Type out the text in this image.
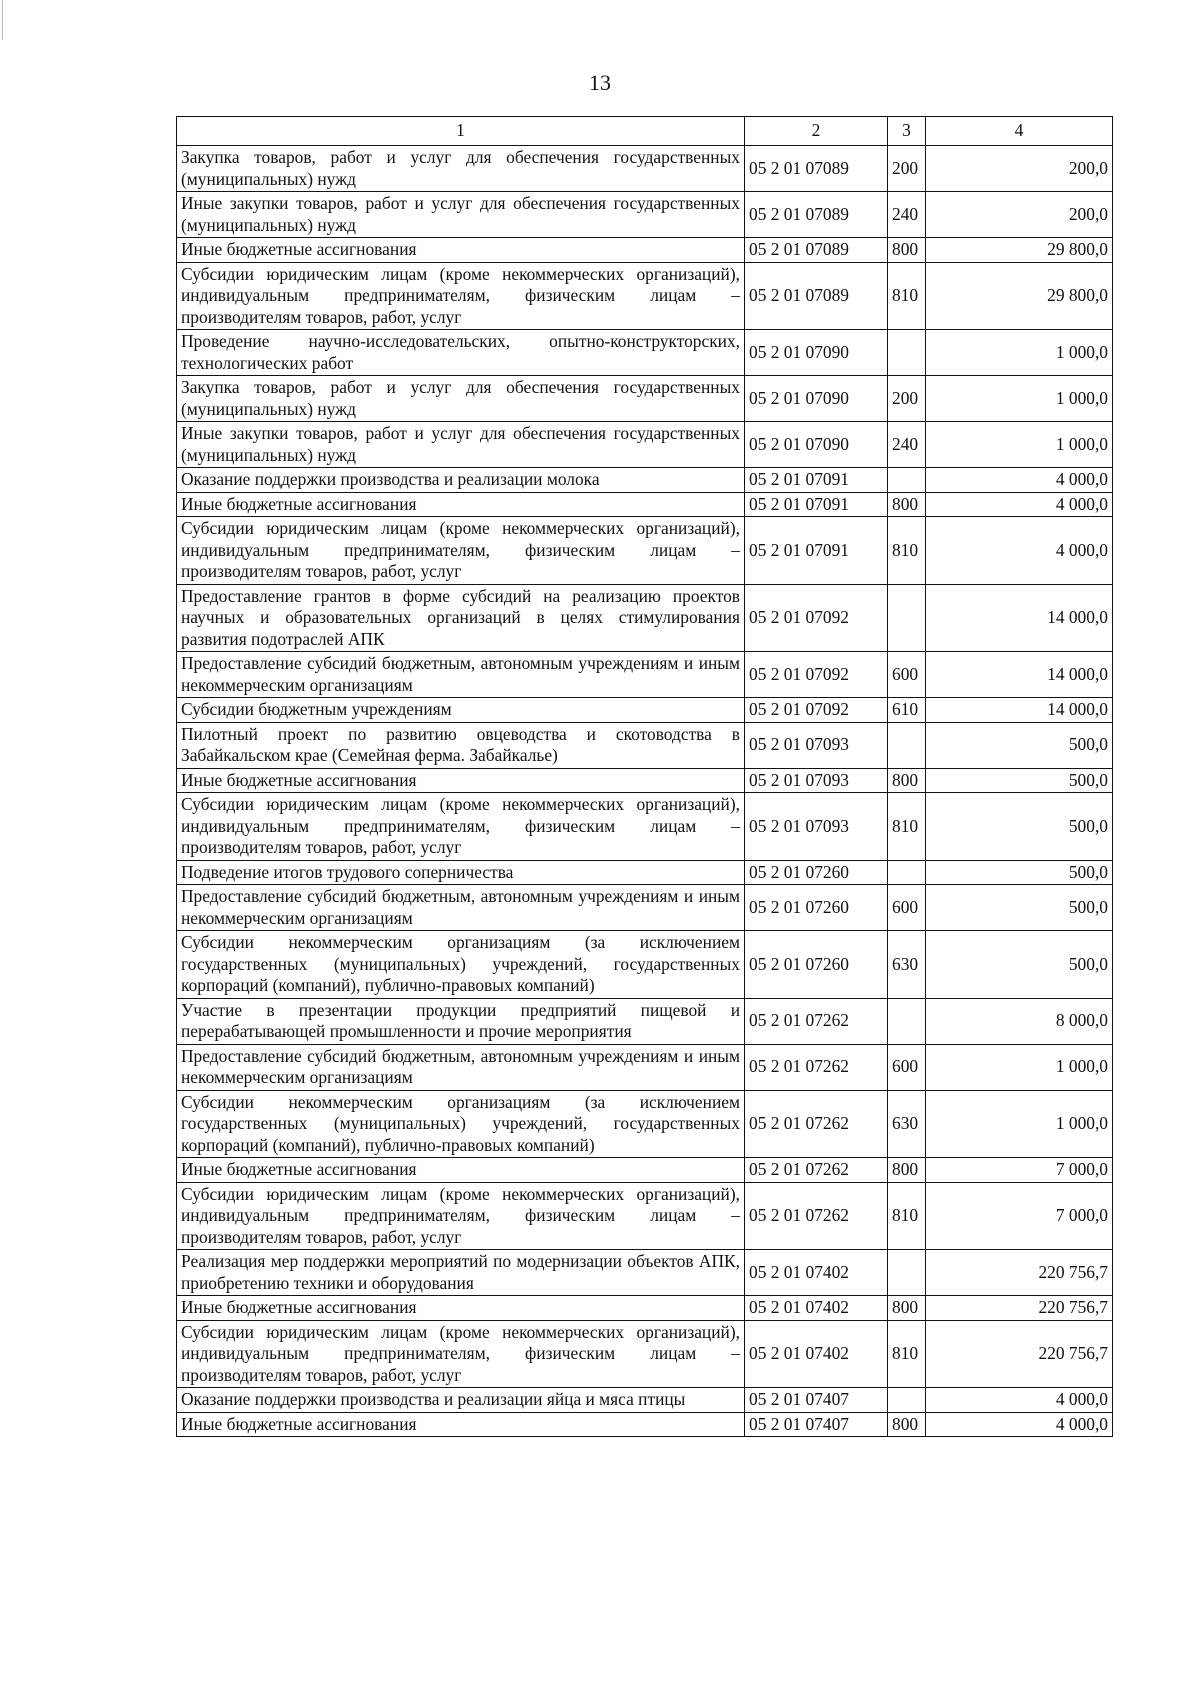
13
1	2	3	4
Закупка товаров, работ и услуг для обеспечения государственных (муниципальных) нужд	05 2 01 07089	200	200,0
Иные закупки товаров, работ и услуг для обеспечения государственных (муниципальных) нужд	05 2 01 07089	240	200,0
Иные бюджетные ассигнования	05 2 01 07089	800	29 800,0
Субсидии юридическим лицам (кроме некоммерческих организаций), индивидуальным предпринимателям, физическим лицам – производителям товаров, работ, услуг	05 2 01 07089	810	29 800,0
Проведение научно-исследовательских, опытно-конструкторских, технологических работ	05 2 01 07090		1 000,0
Закупка товаров, работ и услуг для обеспечения государственных (муниципальных) нужд	05 2 01 07090	200	1 000,0
Иные закупки товаров, работ и услуг для обеспечения государственных (муниципальных) нужд	05 2 01 07090	240	1 000,0
Оказание поддержки производства и реализации молока	05 2 01 07091		4 000,0
Иные бюджетные ассигнования	05 2 01 07091	800	4 000,0
Субсидии юридическим лицам (кроме некоммерческих организаций), индивидуальным предпринимателям, физическим лицам – производителям товаров, работ, услуг	05 2 01 07091	810	4 000,0
Предоставление грантов в форме субсидий на реализацию проектов научных и образовательных организаций в целях стимулирования развития подотраслей АПК	05 2 01 07092		14 000,0
Предоставление субсидий бюджетным, автономным учреждениям и иным некоммерческим организациям	05 2 01 07092	600	14 000,0
Субсидии бюджетным учреждениям	05 2 01 07092	610	14 000,0
Пилотный проект по развитию овцеводства и скотоводства в Забайкальском крае (Семейная ферма. Забайкалье)	05 2 01 07093		500,0
Иные бюджетные ассигнования	05 2 01 07093	800	500,0
Субсидии юридическим лицам (кроме некоммерческих организаций), индивидуальным предпринимателям, физическим лицам – производителям товаров, работ, услуг	05 2 01 07093	810	500,0
Подведение итогов трудового соперничества	05 2 01 07260		500,0
Предоставление субсидий бюджетным, автономным учреждениям и иным некоммерческим организациям	05 2 01 07260	600	500,0
Субсидии некоммерческим организациям (за исключением государственных (муниципальных) учреждений, государственных корпораций (компаний), публично-правовых компаний)	05 2 01 07260	630	500,0
Участие в презентации продукции предприятий пищевой и перерабатывающей промышленности и прочие мероприятия	05 2 01 07262		8 000,0
Предоставление субсидий бюджетным, автономным учреждениям и иным некоммерческим организациям	05 2 01 07262	600	1 000,0
Субсидии некоммерческим организациям (за исключением государственных (муниципальных) учреждений, государственных корпораций (компаний), публично-правовых компаний)	05 2 01 07262	630	1 000,0
Иные бюджетные ассигнования	05 2 01 07262	800	7 000,0
Субсидии юридическим лицам (кроме некоммерческих организаций), индивидуальным предпринимателям, физическим лицам – производителям товаров, работ, услуг	05 2 01 07262	810	7 000,0
Реализация мер поддержки мероприятий по модернизации объектов АПК, приобретению техники и оборудования	05 2 01 07402		220 756,7
Иные бюджетные ассигнования	05 2 01 07402	800	220 756,7
Субсидии юридическим лицам (кроме некоммерческих организаций), индивидуальным предпринимателям, физическим лицам – производителям товаров, работ, услуг	05 2 01 07402	810	220 756,7
Оказание поддержки производства и реализации яйца и мяса птицы	05 2 01 07407		4 000,0
Иные бюджетные ассигнования	05 2 01 07407	800	4 000,0
